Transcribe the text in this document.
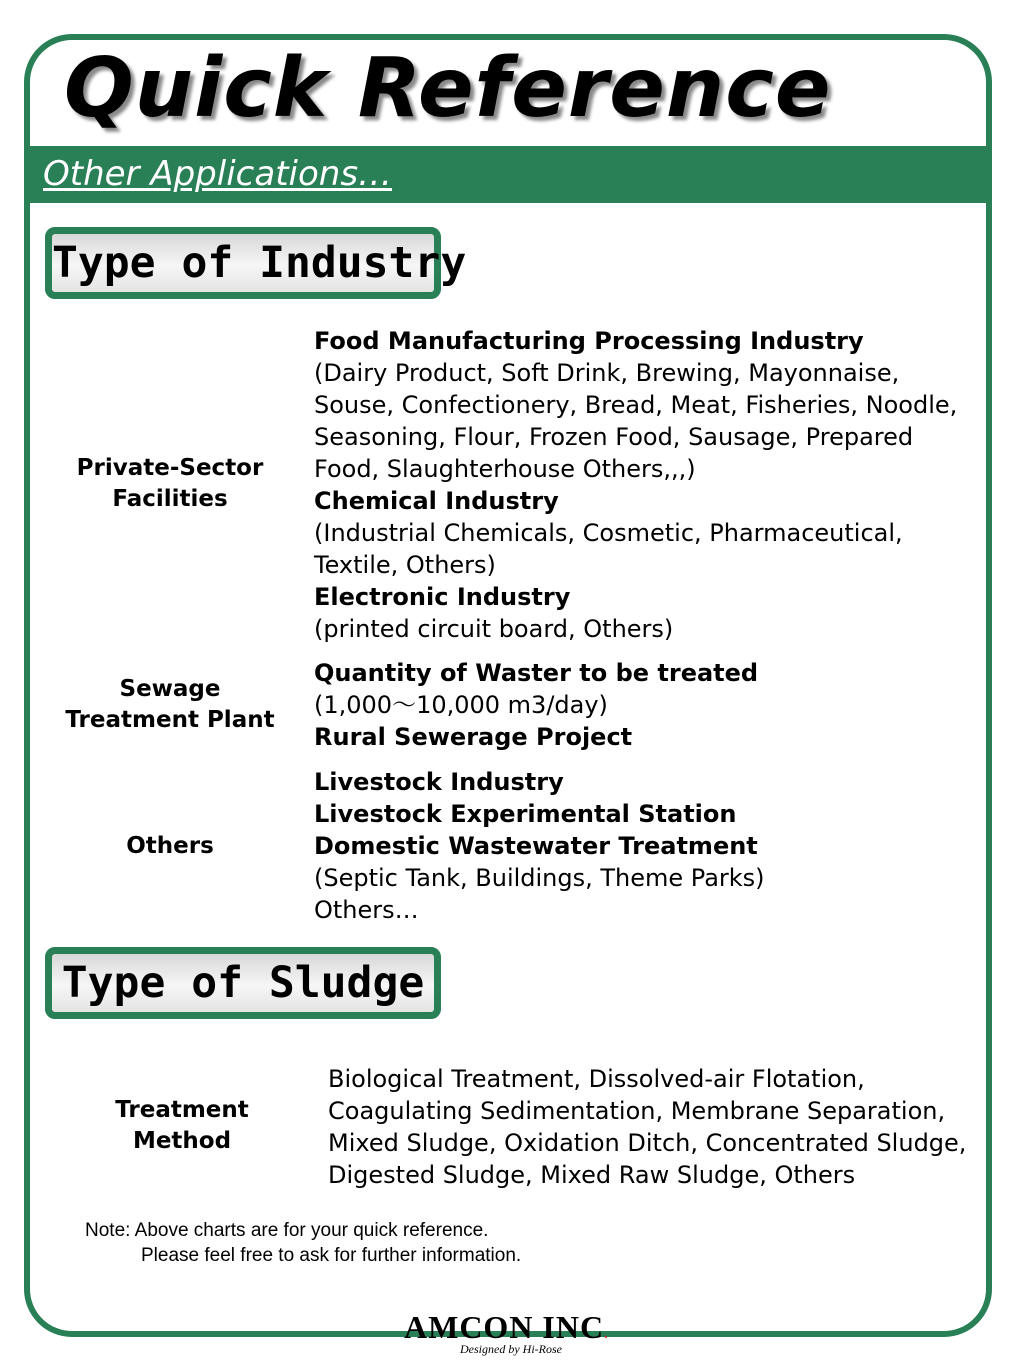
Quick Reference
Other Applications…
Type of Industry
Private-Sector
Facilities
Food Manufacturing Processing Industry
(Dairy Product, Soft Drink, Brewing, Mayonnaise,
Souse, Confectionery, Bread, Meat, Fisheries, Noodle,
Seasoning, Flour, Frozen Food, Sausage, Prepared
Food, Slaughterhouse Others,,,)
Chemical Industry
(Industrial Chemicals, Cosmetic, Pharmaceutical,
Textile, Others)
Electronic Industry
(printed circuit board, Others)
Sewage
Treatment Plant
Quantity of Waster to be treated
(1,000～10,000 m3/day)
Rural Sewerage Project
Others
Livestock Industry
Livestock Experimental Station
Domestic Wastewater Treatment
(Septic Tank, Buildings, Theme Parks)
Others…
Type of Sludge
Treatment
Method
Biological Treatment, Dissolved-air Flotation,
Coagulating Sedimentation, Membrane Separation,
Mixed Sludge, Oxidation Ditch, Concentrated Sludge,
Digested Sludge, Mixed Raw Sludge, Others
Note: Above charts are for your quick reference.
Please feel free to ask for further information.
AMCON INC.
Designed by Hi-Rose
